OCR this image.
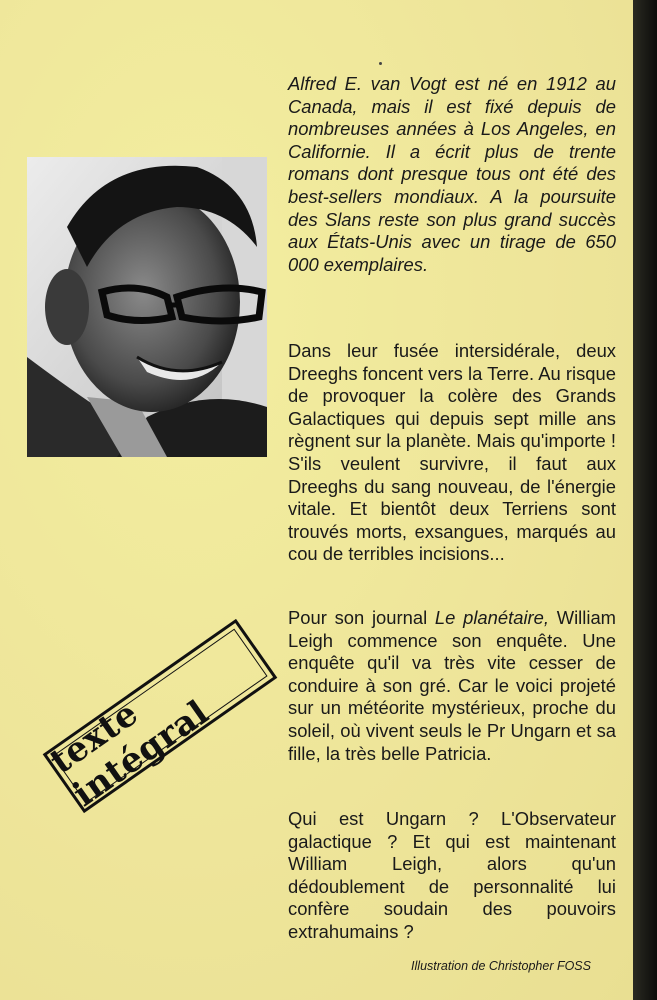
Alfred E. van Vogt est né en 1912 au Canada, mais il est fixé depuis de nombreuses années à Los Angeles, en Californie. Il a écrit plus de trente romans dont presque tous ont été des best-sellers mondiaux. A la poursuite des Slans reste son plus grand succès aux États-Unis avec un tirage de 650 000 exemplaires.

texte intégral

Dans leur fusée intersidérale, deux Dreeghs foncent vers la Terre. Au risque de provoquer la colère des Grands Galactiques qui depuis sept mille ans règnent sur la planète. Mais qu'importe ! S'ils veulent survivre, il faut aux Dreeghs du sang nouveau, de l'énergie vitale. Et bientôt deux Terriens sont trouvés morts, exsangues, marqués au cou de terribles incisions...

Pour son journal Le planétaire, William Leigh commence son enquête. Une enquête qu'il va très vite cesser de conduire à son gré. Car le voici projeté sur un météorite mystérieux, proche du soleil, où vivent seuls le Pr Ungarn et sa fille, la très belle Patricia.

Qui est Ungarn ? L'Observateur galactique ? Et qui est maintenant William Leigh, alors qu'un dédoublement de personnalité lui confère soudain des pouvoirs extrahumains ?

Illustration de Christopher FOSS
